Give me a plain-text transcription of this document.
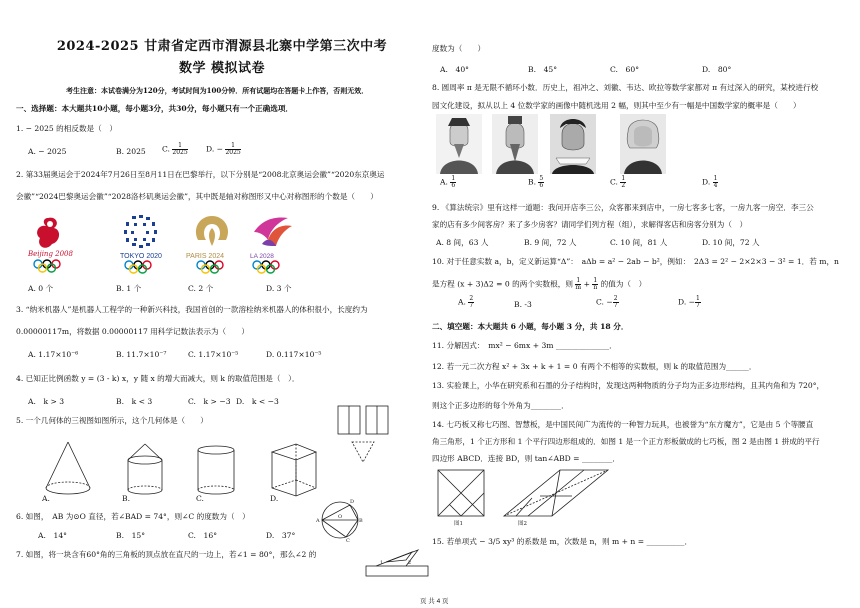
2024-2025 甘肃省定西市渭源县北寨中学第三次中考
数学 模拟试卷
考生注意：本试卷满分为120分，考试时间为100分钟．所有试题均在答题卡上作答，否则无效．
一、选择题：本大题共10小题，每小题3分，共30分，每小题只有一个正确选项．
1. − 2025 的相反数是（　）
A. − 2025	B. 2025 C. $\frac{1}{2025} D$. − $\frac{1}{2025}$
2. 第33届奥运会于2024年7月26日至8月11日在巴黎举行，以下分别是“2008北京奥运会徽”“2020东京奥运
会徽”“2024巴黎奥运会徽”“2028洛杉矶奥运会徽”，其中既是轴对称图形又中心对称图形的个数是（　　）
Beijing 2008	TOKYO 2020	PARIS 2024	LA 2028
A. 0 个	B. 1 个	C. 2 个	D. 3 个
3. “纳米机器人”是机器人工程学的一种新兴科技，我国首创的一款溶栓纳米机器人的体积很小，长度约为
0.00000117m，将数据 0.00000117 用科学记数法表示为（　　）
A. 1.17×10⁻⁶	B. 11.7×10⁻⁷	C. 1.17×10⁻⁵	D. 0.117×10⁻⁵
4. 已知正比例函数 y = (3 - k) x，y 随 x 的增大而减大，则 k 的取值范围是（　）．
A.　k > 3	B.　k < 3	C.　k > −3 D.　k < −3
5. 一个几何体的三视图如图所示，这个几何体是（　　）
A.	B.	C.	D.
6. 如图，　AB 为⊙O 直径，若∠BAD = 74°，则∠C 的度数为（　）	A	B
D
C
O
A.　14°	B.　15°	C.　16°	D.　37°
7. 如图，将一块含有60°角的三角板的顶点放在直尺的一边上，若∠1 = 80°，那么∠2 的
1	2
度数为（　　）
A.　40°	B.　45°	C.　60°	D.　80°
8. 圆周率 π 是无限不循环小数．历史上，祖冲之、刘徽、韦达、欧拉等数学家都对 π 有过深入的研究，某校进行校
园文化建设，拟从以上 4 位数学家的画像中随机选用 2 幅，则其中至少有一幅是中国数学家的概率是（　　）
A. $\frac{1}{6}$	B. $\frac{5}{6}$	C. $\frac{1}{2}$	D. $\frac{1}{4}$
9. 《算法统宗》里有这样一道题：我问开店李三公，众客都来到店中，一房七客多七客，一房九客一房空．李三公
家的店有多少间客房？来了多少房客？请同学们列方程（组），求解得客店和房客分别为（　）
A. 8 间，63 人	B. 9 间，72 人	C. 10 间，81 人	D. 10 间，72 人
10. 对于任意实数 a，b，定义新运算“Δ”：　aΔb = a² − 2ab − b²，例如：　2Δ3 = 2² − 2×2×3 − 3² = 1．若 m，n
是方程 (x + 3)Δ2 = 0 的两个实数根，则 $\frac{1}{m} + \frac{1}{n}$ 的值为（　）
A. $\frac{2}{7}$	B. -3	C. − $\frac{2}{7}$	D. − $\frac{1}{7}$
二、填空题：本大题共 6 小题，每小题 3 分，共 18 分．
11. 分解因式：　mx² − 6mx + 3m ______________．
12. 若一元二次方程 x² + 3x + k + 1 = 0 有两个不相等的实数根，则 k 的取值范围为______．
13. 实验课上，小华在研究系和石墨的分子结构时，发现这两种物质的分子均为正多边形结构，且其内角和为 720°，
则这个正多边形的每个外角为________．
14. 七巧板又称七巧图、智慧板，是中国民间广为流传的一种智力玩具，也被誉为“东方魔方”，它是由 5 个等腰直
角三角形，1 个正方形和 1 个平行四边形组成的．如图 1 是一个正方形板做成的七巧板，图 2 是由图 1 拼成的平行
四边形 ABCD．连接 BD，则 tan∠ABD = ________．
图1	图2
15. 若单项式 − 3/5 xy³ 的系数是 m，次数是 n，则 m + n = __________．
页 共 4 页
